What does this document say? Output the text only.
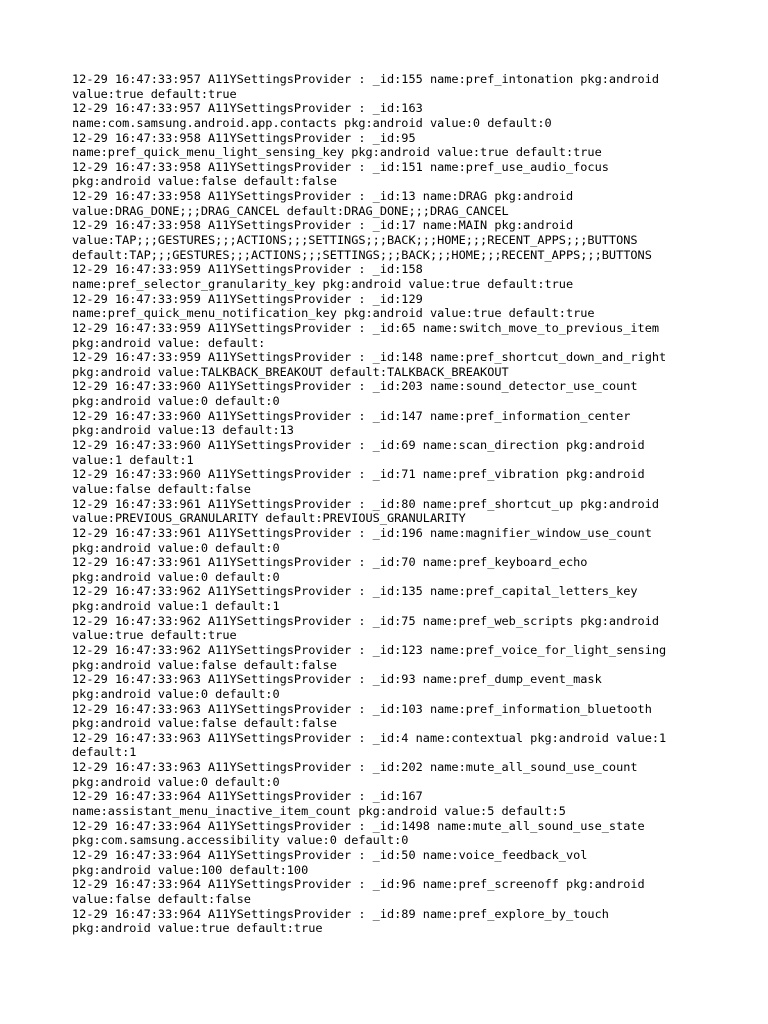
12-29 16:47:33:957 A11YSettingsProvider : _id:155 name:pref_intonation pkg:android
value:true default:true
12-29 16:47:33:957 A11YSettingsProvider : _id:163
name:com.samsung.android.app.contacts pkg:android value:0 default:0
12-29 16:47:33:958 A11YSettingsProvider : _id:95
name:pref_quick_menu_light_sensing_key pkg:android value:true default:true
12-29 16:47:33:958 A11YSettingsProvider : _id:151 name:pref_use_audio_focus
pkg:android value:false default:false
12-29 16:47:33:958 A11YSettingsProvider : _id:13 name:DRAG pkg:android
value:DRAG_DONE;;;DRAG_CANCEL default:DRAG_DONE;;;DRAG_CANCEL
12-29 16:47:33:958 A11YSettingsProvider : _id:17 name:MAIN pkg:android
value:TAP;;;GESTURES;;;ACTIONS;;;SETTINGS;;;BACK;;;HOME;;;RECENT_APPS;;;BUTTONS
default:TAP;;;GESTURES;;;ACTIONS;;;SETTINGS;;;BACK;;;HOME;;;RECENT_APPS;;;BUTTONS
12-29 16:47:33:959 A11YSettingsProvider : _id:158
name:pref_selector_granularity_key pkg:android value:true default:true
12-29 16:47:33:959 A11YSettingsProvider : _id:129
name:pref_quick_menu_notification_key pkg:android value:true default:true
12-29 16:47:33:959 A11YSettingsProvider : _id:65 name:switch_move_to_previous_item
pkg:android value: default:
12-29 16:47:33:959 A11YSettingsProvider : _id:148 name:pref_shortcut_down_and_right
pkg:android value:TALKBACK_BREAKOUT default:TALKBACK_BREAKOUT
12-29 16:47:33:960 A11YSettingsProvider : _id:203 name:sound_detector_use_count
pkg:android value:0 default:0
12-29 16:47:33:960 A11YSettingsProvider : _id:147 name:pref_information_center
pkg:android value:13 default:13
12-29 16:47:33:960 A11YSettingsProvider : _id:69 name:scan_direction pkg:android
value:1 default:1
12-29 16:47:33:960 A11YSettingsProvider : _id:71 name:pref_vibration pkg:android
value:false default:false
12-29 16:47:33:961 A11YSettingsProvider : _id:80 name:pref_shortcut_up pkg:android
value:PREVIOUS_GRANULARITY default:PREVIOUS_GRANULARITY
12-29 16:47:33:961 A11YSettingsProvider : _id:196 name:magnifier_window_use_count
pkg:android value:0 default:0
12-29 16:47:33:961 A11YSettingsProvider : _id:70 name:pref_keyboard_echo
pkg:android value:0 default:0
12-29 16:47:33:962 A11YSettingsProvider : _id:135 name:pref_capital_letters_key
pkg:android value:1 default:1
12-29 16:47:33:962 A11YSettingsProvider : _id:75 name:pref_web_scripts pkg:android
value:true default:true
12-29 16:47:33:962 A11YSettingsProvider : _id:123 name:pref_voice_for_light_sensing
pkg:android value:false default:false
12-29 16:47:33:963 A11YSettingsProvider : _id:93 name:pref_dump_event_mask
pkg:android value:0 default:0
12-29 16:47:33:963 A11YSettingsProvider : _id:103 name:pref_information_bluetooth
pkg:android value:false default:false
12-29 16:47:33:963 A11YSettingsProvider : _id:4 name:contextual pkg:android value:1
default:1
12-29 16:47:33:963 A11YSettingsProvider : _id:202 name:mute_all_sound_use_count
pkg:android value:0 default:0
12-29 16:47:33:964 A11YSettingsProvider : _id:167
name:assistant_menu_inactive_item_count pkg:android value:5 default:5
12-29 16:47:33:964 A11YSettingsProvider : _id:1498 name:mute_all_sound_use_state
pkg:com.samsung.accessibility value:0 default:0
12-29 16:47:33:964 A11YSettingsProvider : _id:50 name:voice_feedback_vol
pkg:android value:100 default:100
12-29 16:47:33:964 A11YSettingsProvider : _id:96 name:pref_screenoff pkg:android
value:false default:false
12-29 16:47:33:964 A11YSettingsProvider : _id:89 name:pref_explore_by_touch
pkg:android value:true default:true
